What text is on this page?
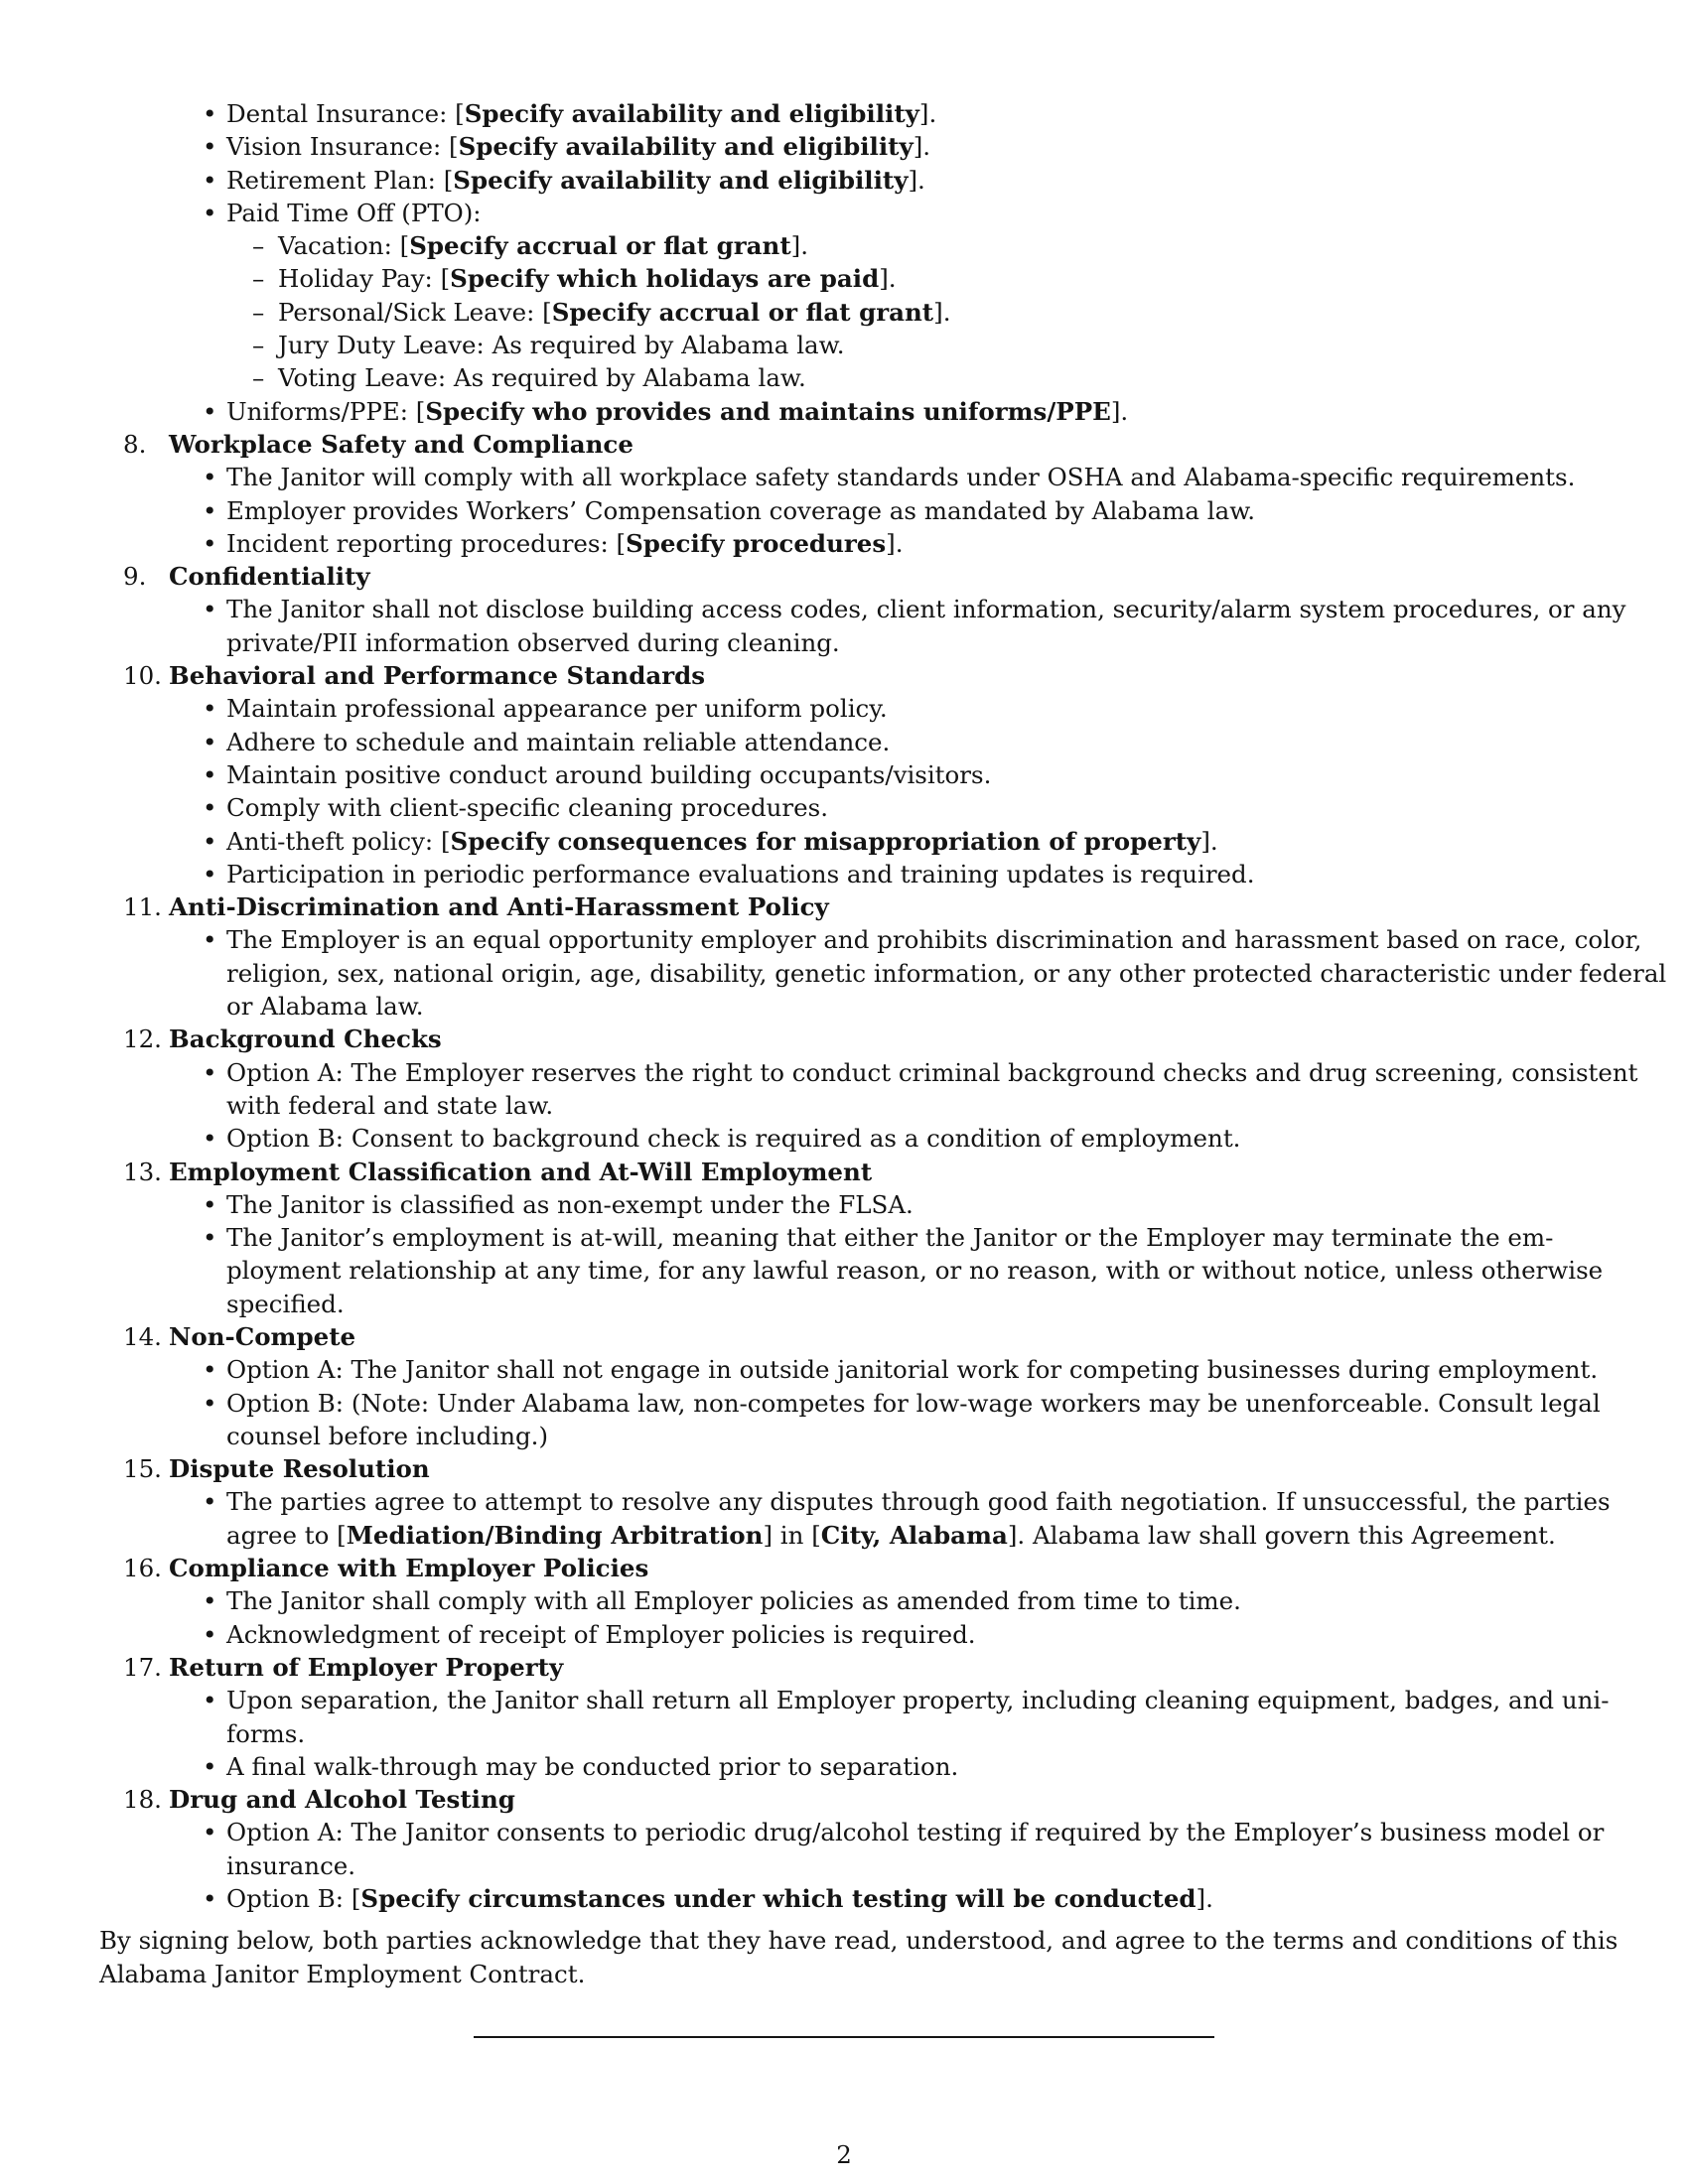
• Dental Insurance: [Specify availability and eligibility].
• Vision Insurance: [Specify availability and eligibility].
• Retirement Plan: [Specify availability and eligibility].
• Paid Time Off (PTO):
– Vacation: [Specify accrual or flat grant].
– Holiday Pay: [Specify which holidays are paid].
– Personal/Sick Leave: [Specify accrual or flat grant].
– Jury Duty Leave: As required by Alabama law.
– Voting Leave: As required by Alabama law.
• Uniforms/PPE: [Specify who provides and maintains uniforms/PPE].
8. Workplace Safety and Compliance
• The Janitor will comply with all workplace safety standards under OSHA and Alabama-specific requirements.
• Employer provides Workers’ Compensation coverage as mandated by Alabama law.
• Incident reporting procedures: [Specify procedures].
9. Confidentiality
• The Janitor shall not disclose building access codes, client information, security/alarm system procedures, or any
private/PII information observed during cleaning.
10. Behavioral and Performance Standards
• Maintain professional appearance per uniform policy.
• Adhere to schedule and maintain reliable attendance.
• Maintain positive conduct around building occupants/visitors.
• Comply with client-specific cleaning procedures.
• Anti-theft policy: [Specify consequences for misappropriation of property].
• Participation in periodic performance evaluations and training updates is required.
11. Anti-Discrimination and Anti-Harassment Policy
• The Employer is an equal opportunity employer and prohibits discrimination and harassment based on race, color,
religion, sex, national origin, age, disability, genetic information, or any other protected characteristic under federal
or Alabama law.
12. Background Checks
• Option A: The Employer reserves the right to conduct criminal background checks and drug screening, consistent
with federal and state law.
• Option B: Consent to background check is required as a condition of employment.
13. Employment Classification and At-Will Employment
• The Janitor is classified as non-exempt under the FLSA.
• The Janitor’s employment is at-will, meaning that either the Janitor or the Employer may terminate the em-
ployment relationship at any time, for any lawful reason, or no reason, with or without notice, unless otherwise
specified.
14. Non-Compete
• Option A: The Janitor shall not engage in outside janitorial work for competing businesses during employment.
• Option B: (Note: Under Alabama law, non-competes for low-wage workers may be unenforceable. Consult legal
counsel before including.)
15. Dispute Resolution
• The parties agree to attempt to resolve any disputes through good faith negotiation. If unsuccessful, the parties
agree to [Mediation/Binding Arbitration] in [City, Alabama]. Alabama law shall govern this Agreement.
16. Compliance with Employer Policies
• The Janitor shall comply with all Employer policies as amended from time to time.
• Acknowledgment of receipt of Employer policies is required.
17. Return of Employer Property
• Upon separation, the Janitor shall return all Employer property, including cleaning equipment, badges, and uni-
forms.
• A final walk-through may be conducted prior to separation.
18. Drug and Alcohol Testing
• Option A: The Janitor consents to periodic drug/alcohol testing if required by the Employer’s business model or
insurance.
• Option B: [Specify circumstances under which testing will be conducted].
By signing below, both parties acknowledge that they have read, understood, and agree to the terms and conditions of this
Alabama Janitor Employment Contract.
2
